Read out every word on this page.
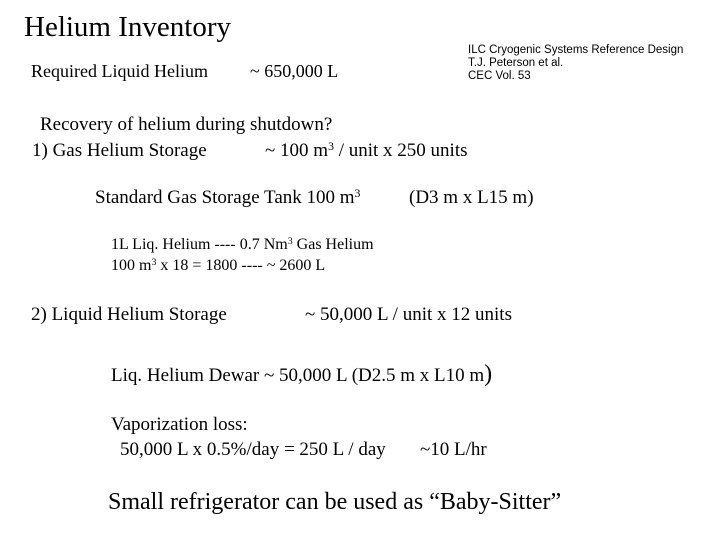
Helium Inventory
ILC Cryogenic Systems Reference Design
T.J. Peterson et al.
CEC Vol. 53
Required Liquid Helium ~ 650,000 L
Recovery of helium during shutdown?
1) Gas Helium Storage	~ 100 $m^3$ / unit x 250 units
Standard Gas Storage Tank 100 $m^3$	(D3 m x L15 m)
1L Liq. Helium ---- 0.7 Nm$^3$ Gas Helium
100 $m^3$ x 18 = 1800 ---- ~ 2600 L
2) Liquid Helium Storage	~ 50,000 L / unit x 12 units
Liq. Helium Dewar ~ 50,000 L (D2.5 m x L10 m)
Vaporization loss:
50,000 L x 0.5%/day = 250 L / day ~10 L/hr
Small refrigerator can be used as “Baby-Sitter”
